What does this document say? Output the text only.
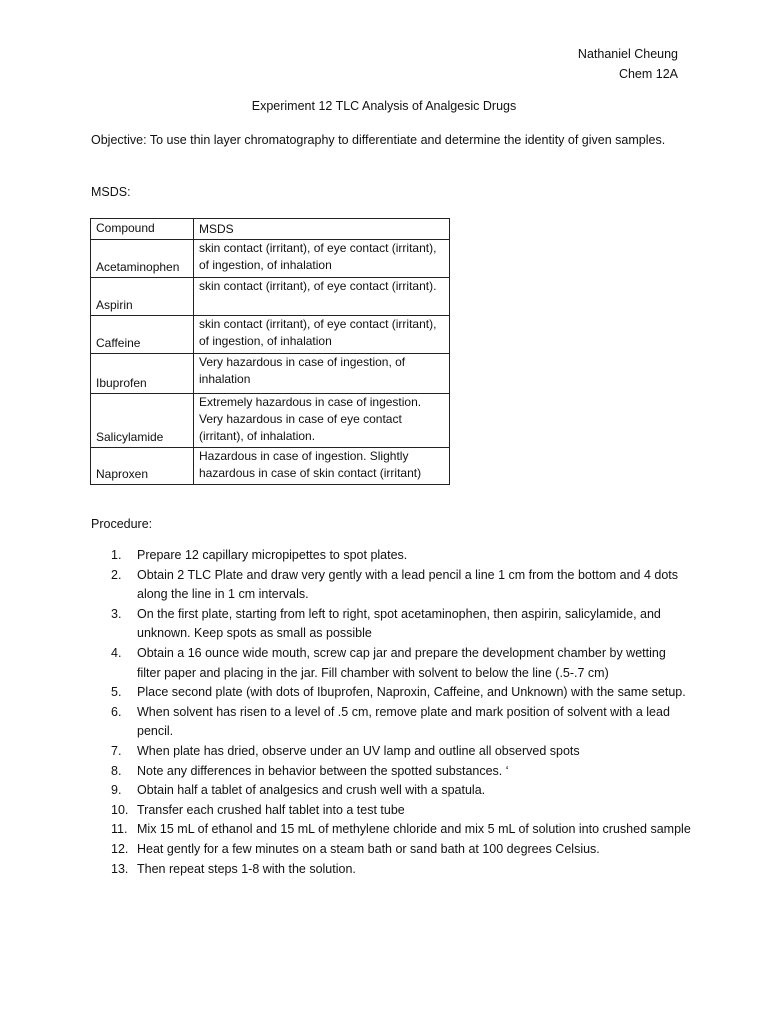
Nathaniel Cheung
Chem 12A
Experiment 12 TLC Analysis of Analgesic Drugs
Objective: To use thin layer chromatography to differentiate and determine the identity of given samples.
MSDS:
Compound	MSDS
Acetaminophen	skin contact (irritant), of eye contact (irritant), of ingestion, of inhalation
Aspirin	skin contact (irritant), of eye contact (irritant).
Caffeine	skin contact (irritant), of eye contact (irritant), of ingestion, of inhalation
Ibuprofen	Very hazardous in case of ingestion, of inhalation
Salicylamide	Extremely hazardous in case of ingestion. Very hazardous in case of eye contact (irritant), of inhalation.
Naproxen	Hazardous in case of ingestion. Slightly hazardous in case of skin contact (irritant)
Procedure:
1.	Prepare 12 capillary micropipettes to spot plates.
2.	Obtain 2 TLC Plate and draw very gently with a lead pencil a line 1 cm from the bottom and 4 dots along the line in 1 cm intervals.
3.	On the first plate, starting from left to right, spot acetaminophen, then aspirin, salicylamide, and unknown. Keep spots as small as possible
4.	Obtain a 16 ounce wide mouth, screw cap jar and prepare the development chamber by wetting filter paper and placing in the jar. Fill chamber with solvent to below the line (.5-.7 cm)
5.	Place second plate (with dots of Ibuprofen, Naproxin, Caffeine, and Unknown) with the same setup.
6.	When solvent has risen to a level of .5 cm, remove plate and mark position of solvent with a lead pencil.
7.	When plate has dried, observe under an UV lamp and outline all observed spots
8.	Note any differences in behavior between the spotted substances. ‘
9.	Obtain half a tablet of analgesics and crush well with a spatula.
10. Transfer each crushed half tablet into a test tube
11. Mix 15 mL of ethanol and 15 mL of methylene chloride and mix 5 mL of solution into crushed sample
12. Heat gently for a few minutes on a steam bath or sand bath at 100 degrees Celsius.
13. Then repeat steps 1-8 with the solution.
